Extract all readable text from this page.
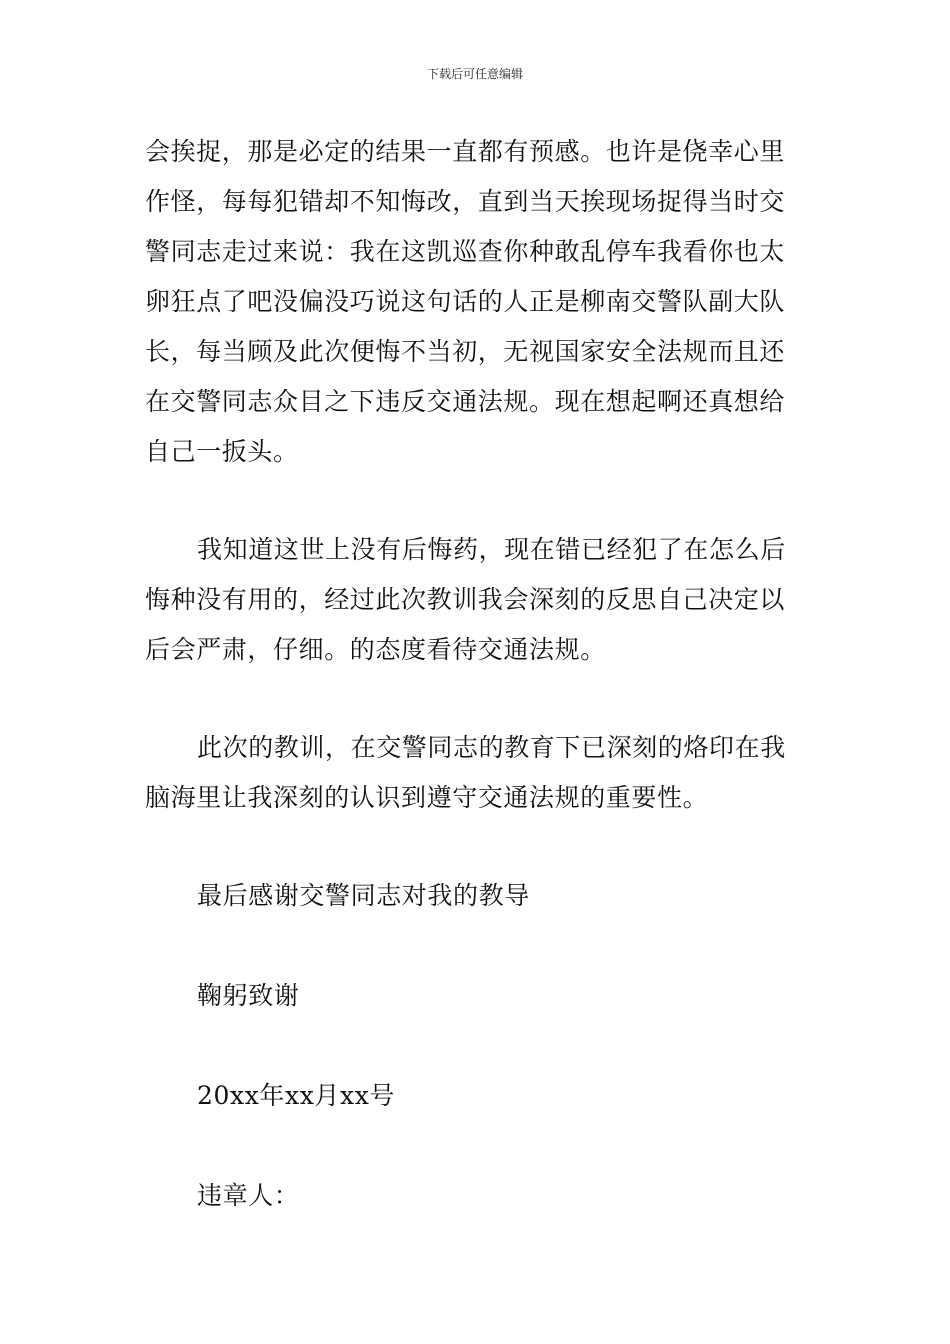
下载后可任意编辑

会挨捉，那是必定的结果一直都有预感。也许是侥幸心里作怪，每每犯错却不知悔改，直到当天挨现场捉得当时交警同志走过来说：我在这凯巡查你种敢乱停车我看你也太卵狂点了吧没偏没巧说这句话的人正是柳南交警队副大队长，每当顾及此次便悔不当初，无视国家安全法规而且还在交警同志众目之下违反交通法规。现在想起啊还真想给自己一扳头。

我知道这世上没有后悔药，现在错已经犯了在怎么后悔种没有用的，经过此次教训我会深刻的反思自己决定以后会严肃，仔细。的态度看待交通法规。

此次的教训，在交警同志的教育下已深刻的烙印在我脑海里让我深刻的认识到遵守交通法规的重要性。

最后感谢交警同志对我的教导

鞠躬致谢

20xx年xx月xx号

违章人：
